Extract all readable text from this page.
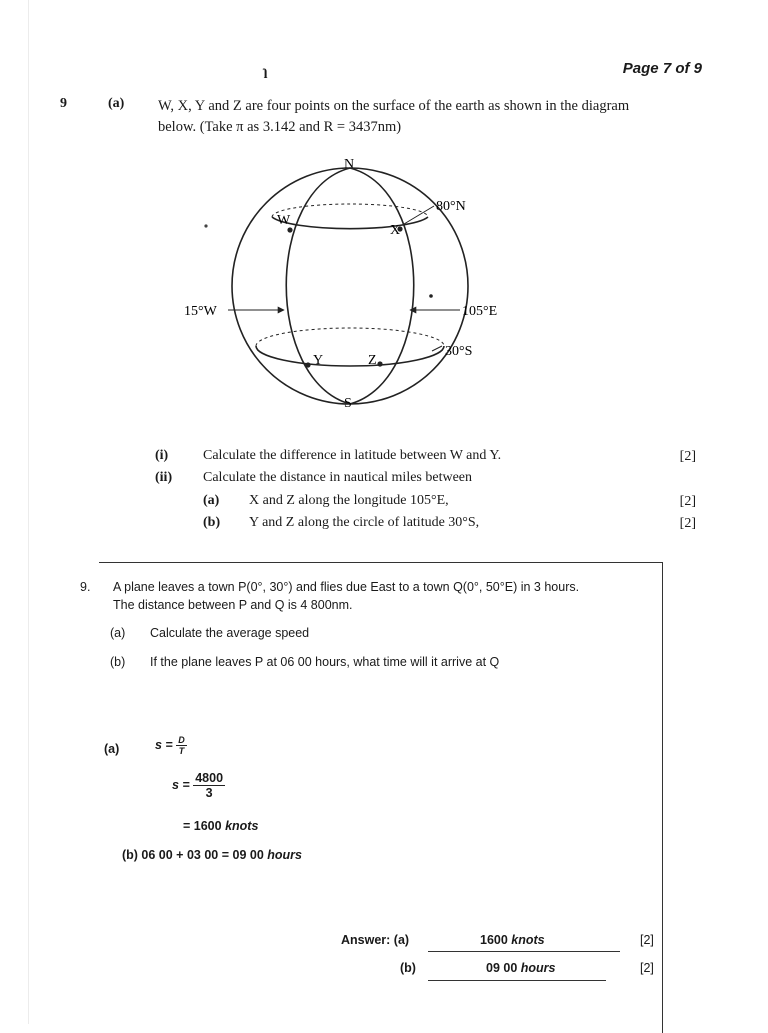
Page 7 of 9
ɿ
9	(a) W, X, Y and Z are four points on the surface of the earth as shown in the diagram
below. (Take π as 3.142 and R = 3437nm)
N
S
W
X
Y	Z
80°N
30°S
15°W	105°E
(i) Calculate the difference in latitude between W and Y.	[2]
(ii) Calculate the distance in nautical miles between
(a) X and Z along the longitude 105°E,	[2]
(b) Y and Z along the circle of latitude 30°S,	[2]
9. A plane leaves a town P(0°, 30°) and flies due East to a town Q(0°, 50°E) in 3 hours.
The distance between P and Q is 4 800nm.
(a) Calculate the average speed
(b) If the plane leaves P at 06 00 hours, what time will it arrive at Q
(a)	$s = \frac{D}{T}$
$s = \frac{4800}{3}$
= 1600 knots
(b) 06 00 + 03 00 = 09 00 hours
Answer: (a)	1600 knots	[2]
(b)	09 00 hours	[2]
